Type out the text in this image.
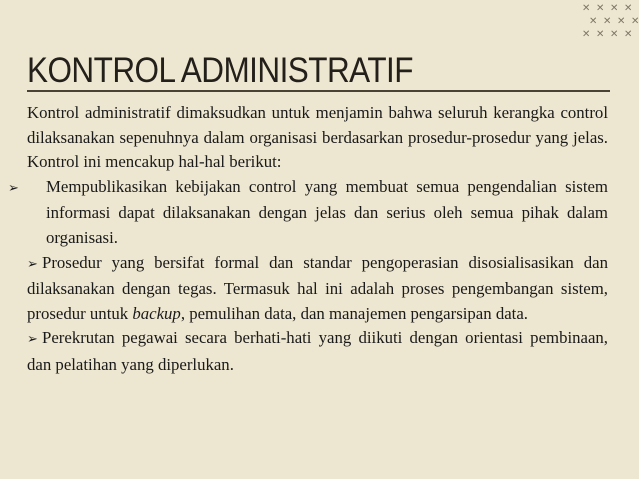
✕ ✕ ✕ ✕
✕ ✕ ✕ ✕
✕ ✕ ✕ ✕
KONTROL ADMINISTRATIF

Kontrol administratif dimaksudkan untuk menjamin bahwa seluruh kerangka control dilaksanakan sepenuhnya dalam organisasi berdasarkan prosedur-prosedur yang jelas. Kontrol ini mencakup hal-hal berikut:

➢ Mempublikasikan kebijakan control yang membuat semua pengendalian sistem informasi dapat dilaksanakan dengan jelas dan serius oleh semua pihak dalam organisasi.

➢ Prosedur yang bersifat formal dan standar pengoperasian disosialisasikan dan dilaksanakan dengan tegas. Termasuk hal ini adalah proses pengembangan sistem, prosedur untuk backup, pemulihan data, dan manajemen pengarsipan data.

➢ Perekrutan pegawai secara berhati-hati yang diikuti dengan orientasi pembinaan, dan pelatihan yang diperlukan.
